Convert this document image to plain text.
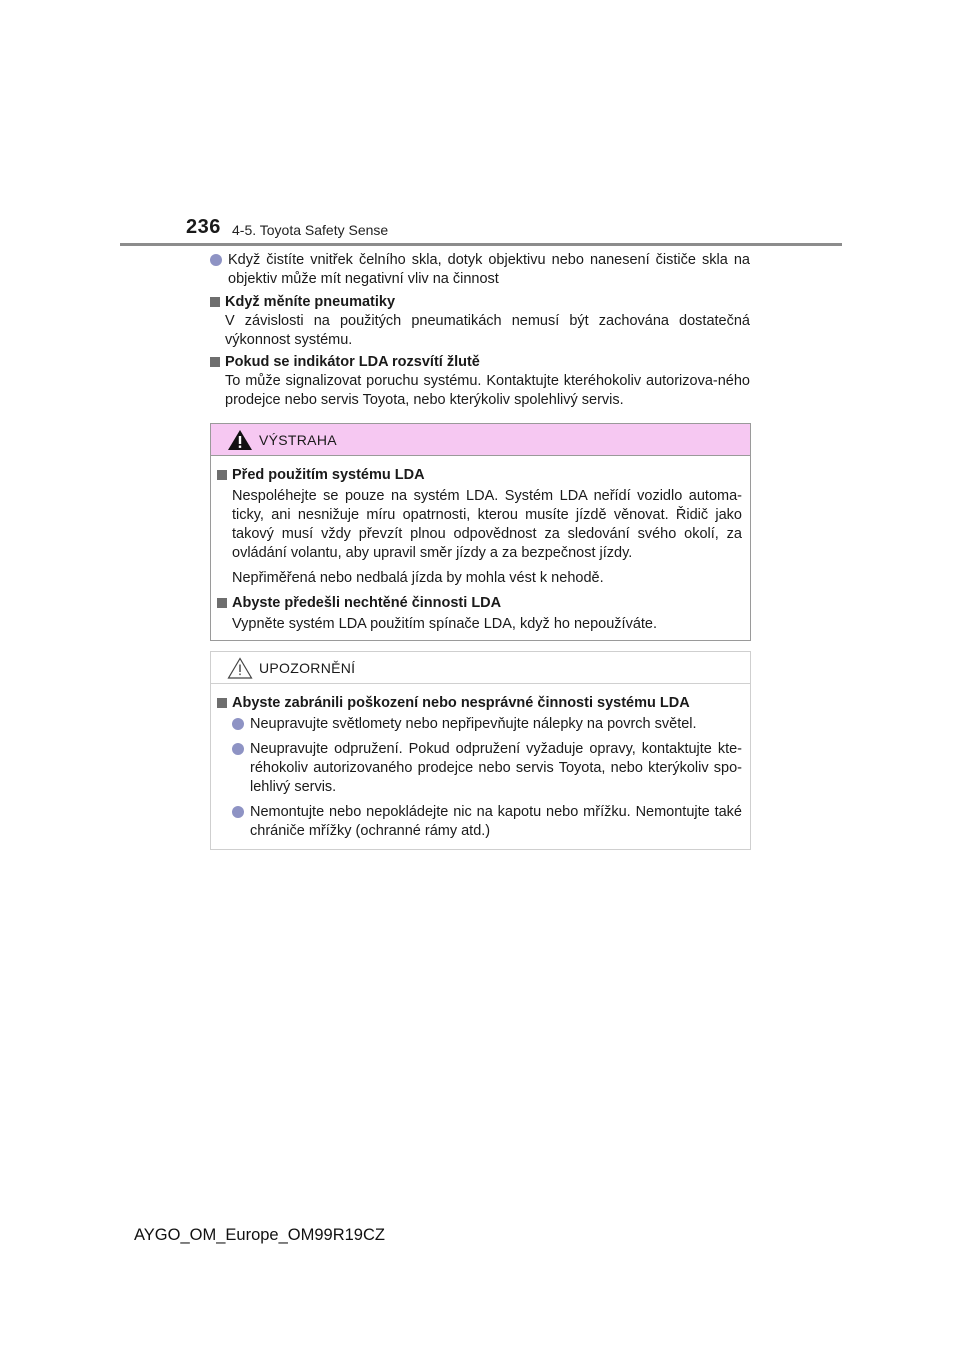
236 4-5. Toyota Safety Sense
Když čistíte vnitřek čelního skla, dotyk objektivu nebo nanesení čističe skla na objektiv může mít negativní vliv na činnost
Když měníte pneumatiky
V závislosti na použitých pneumatikách nemusí být zachována dostatečná výkonnost systému.
Pokud se indikátor LDA rozsvítí žlutě
To může signalizovat poruchu systému. Kontaktujte kteréhokoliv autorizova-ného prodejce nebo servis Toyota, nebo kterýkoliv spolehlivý servis.
VÝSTRAHA
Před použitím systému LDA
Nespoléhejte se pouze na systém LDA. Systém LDA neřídí vozidlo automa-ticky, ani nesnižuje míru opatrnosti, kterou musíte jízdě věnovat. Řidič jako takový musí vždy převzít plnou odpovědnost za sledování svého okolí, za ovládání volantu, aby upravil směr jízdy a za bezpečnost jízdy.
Nepřiměřená nebo nedbalá jízda by mohla vést k nehodě.
Abyste předešli nechtěné činnosti LDA
Vypněte systém LDA použitím spínače LDA, když ho nepoužíváte.
UPOZORNĚNÍ
Abyste zabránili poškození nebo nesprávné činnosti systému LDA
Neupravujte světlomety nebo nepřipevňujte nálepky na povrch světel.
Neupravujte odpružení. Pokud odpružení vyžaduje opravy, kontaktujte kte-réhokoliv autorizovaného prodejce nebo servis Toyota, nebo kterýkoliv spo-lehlivý servis.
Nemontujte nebo nepokládejte nic na kapotu nebo mřížku. Nemontujte také chrániče mřížky (ochranné rámy atd.)
AYGO_OM_Europe_OM99R19CZ
